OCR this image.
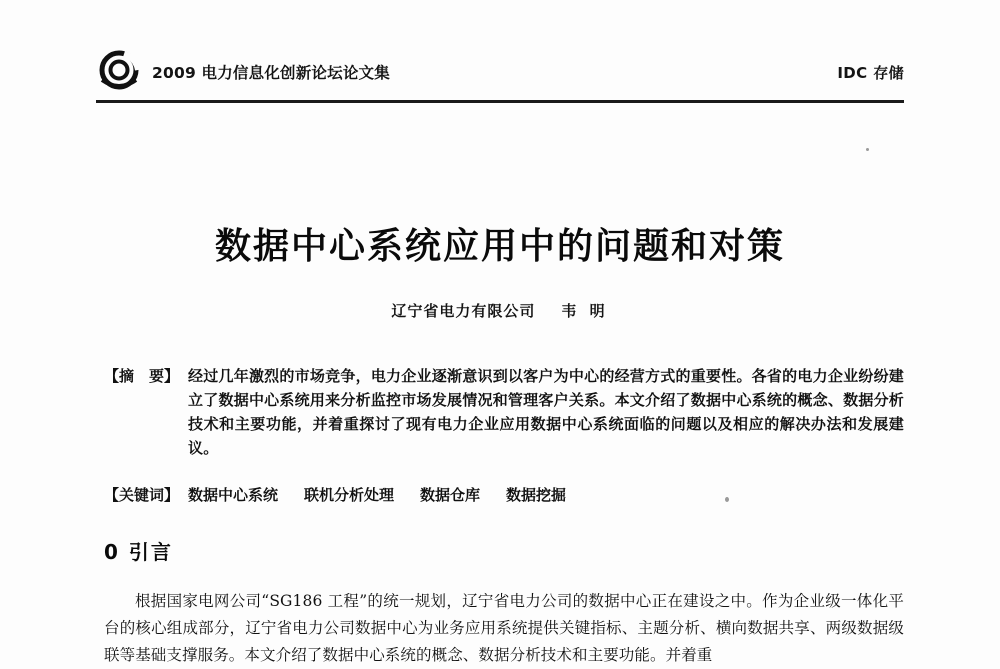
2009 电力信息化创新论坛论文集	IDC 存储
数据中心系统应用中的问题和对策
辽宁省电力有限公司 韦 明
【摘　要】 经过几年激烈的市场竞争，电力企业逐渐意识到以客户为中心的经营方式的重要性。各省的电力企业纷纷建立了数据中心系统用来分析监控市场发展情况和管理客户关系。本文介绍了数据中心系统的概念、数据分析技术和主要功能，并着重探讨了现有电力企业应用数据中心系统面临的问题以及相应的解决办法和发展建议。
【关键词】 数据中心系统 联机分析处理 数据仓库 数据挖掘
0 引言

根据国家电网公司“SG186 工程”的统一规划，辽宁省电力公司的数据中心正在建设之中。作为企业级一体化平台的核心组成部分，辽宁省电力公司数据中心为业务应用系统提供关键指标、主题分析、横向数据共享、两级数据级联等基础支撑服务。本文介绍了数据中心系统的概念、数据分析技术和主要功能。并着重
